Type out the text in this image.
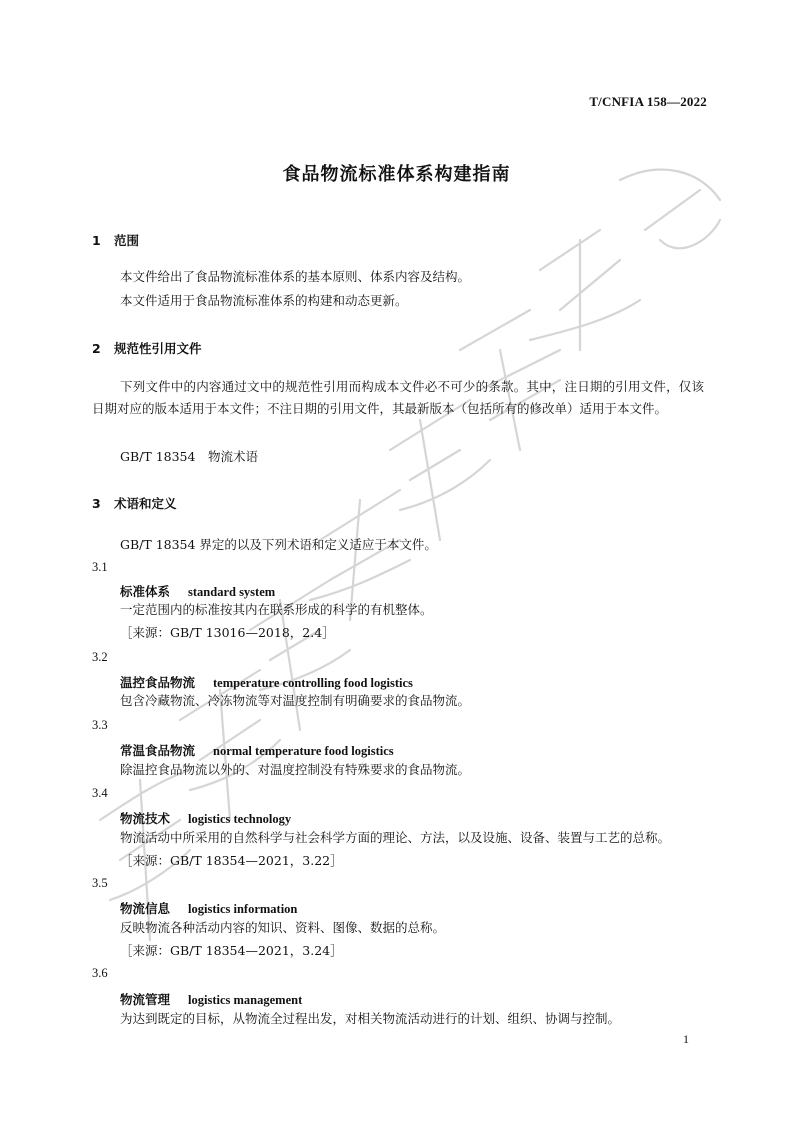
T/CNFIA 158—2022
食品物流标准体系构建指南
1 范围
本文件给出了食品物流标准体系的基本原则、体系内容及结构。
本文件适用于食品物流标准体系的构建和动态更新。
2 规范性引用文件
下列文件中的内容通过文中的规范性引用而构成本文件必不可少的条款。其中，注日期的引用文件，仅该日期对应的版本适用于本文件；不注日期的引用文件，其最新版本（包括所有的修改单）适用于本文件。
GB/T 18354　物流术语
3 术语和定义
GB/T 18354 界定的以及下列术语和定义适应于本文件。
3.1
标准体系 standard system
一定范围内的标准按其内在联系形成的科学的有机整体。
［来源：GB/T 13016—2018，2.4］
3.2
温控食品物流 temperature controlling food logistics
包含冷藏物流、冷冻物流等对温度控制有明确要求的食品物流。
3.3
常温食品物流 normal temperature food logistics
除温控食品物流以外的、对温度控制没有特殊要求的食品物流。
3.4
物流技术 logistics technology
物流活动中所采用的自然科学与社会科学方面的理论、方法，以及设施、设备、装置与工艺的总称。
［来源：GB/T 18354—2021，3.22］
3.5
物流信息 logistics information
反映物流各种活动内容的知识、资料、图像、数据的总称。
［来源：GB/T 18354—2021，3.24］
3.6
物流管理 logistics management
为达到既定的目标，从物流全过程出发，对相关物流活动进行的计划、组织、协调与控制。
1
